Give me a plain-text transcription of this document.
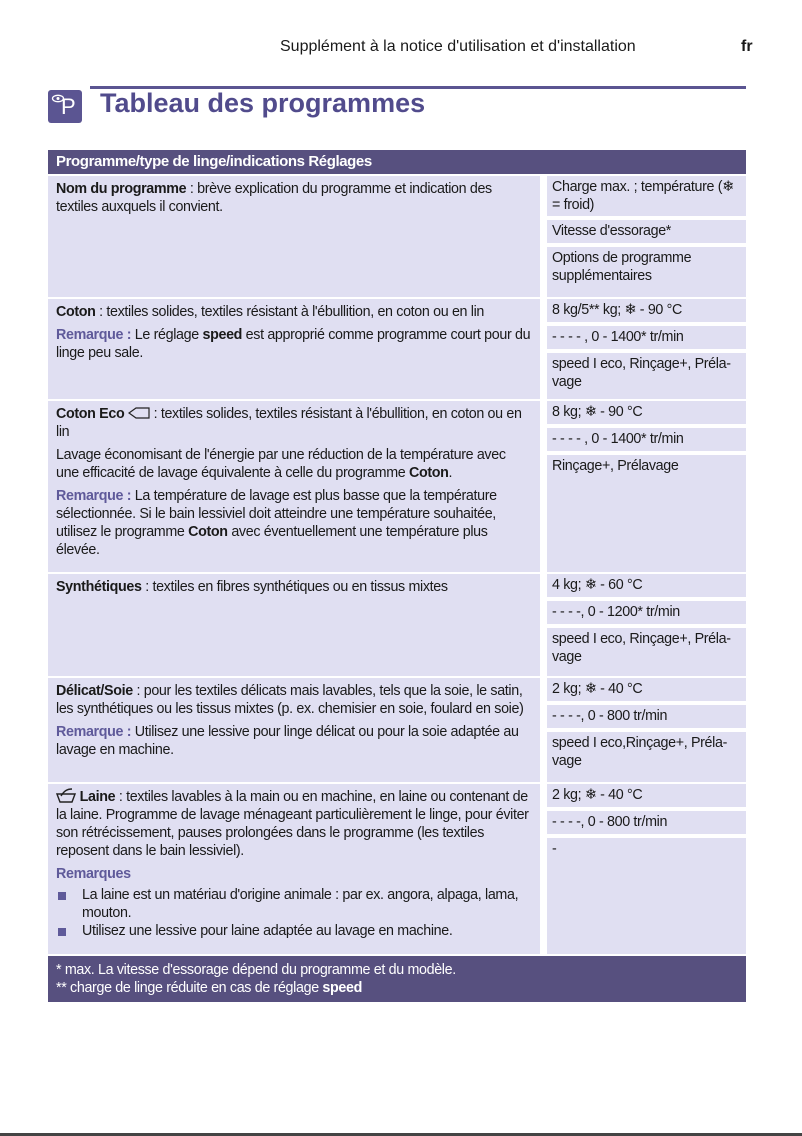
Supplément à la notice d'utilisation et d'installation	fr
P Tableau des programmes
Programme/type de linge/indications Réglages

Nom du programme : brève explication du programme et indication des textiles auxquels il convient.

Charge max. ; température (❄ = froid)
Vitesse d'essorage*
Options de programme supplémentaires

Coton : textiles solides, textiles résistant à l'ébullition, en coton ou en lin

Remarque : Le réglage speed est approprié comme programme court pour du linge peu sale.

8 kg/5** kg; ❄ - 90 °C
- - - - , 0 - 1400* tr/min
speed I eco, Rinçage+, Préla-vage

Coton Eco  : textiles solides, textiles résistant à l'ébullition, en coton ou en lin

Lavage économisant de l'énergie par une réduction de la température avec une efficacité de lavage équivalente à celle du programme Coton.

Remarque : La température de lavage est plus basse que la température sélectionnée. Si le bain lessiviel doit atteindre une température souhaitée, utilisez le programme Coton avec éventuellement une température plus élevée.

8 kg; ❄ - 90 °C
- - - - , 0 - 1400* tr/min
Rinçage+, Prélavage

Synthétiques : textiles en fibres synthétiques ou en tissus mixtes	4 kg; ❄ - 60 °C
- - - -, 0 - 1200* tr/min
speed I eco, Rinçage+, Préla-vage

Délicat/Soie : pour les textiles délicats mais lavables, tels que la soie, le satin, les synthétiques ou les tissus mixtes (p. ex. chemisier en soie, foulard en soie)

Remarque : Utilisez une lessive pour linge délicat ou pour la soie adaptée au lavage en machine.

2 kg; ❄ - 40 °C
- - - -, 0 - 800 tr/min
speed I eco,Rinçage+, Préla-vage

Laine : textiles lavables à la main ou en machine, en laine ou contenant de la laine. Programme de lavage ménageant particulièrement le linge, pour éviter son rétrécissement, pauses prolongées dans le programme (les textiles reposent dans le bain lessiviel).

Remarques
La laine est un matériau d'origine animale : par ex. angora, alpaga, lama, mouton.
Utilisez une lessive pour laine adaptée au lavage en machine.
2 kg; ❄ - 40 °C
- - - -, 0 - 800 tr/min
-
* max. La vitesse d'essorage dépend du programme et du modèle.
** charge de linge réduite en cas de réglage speed
